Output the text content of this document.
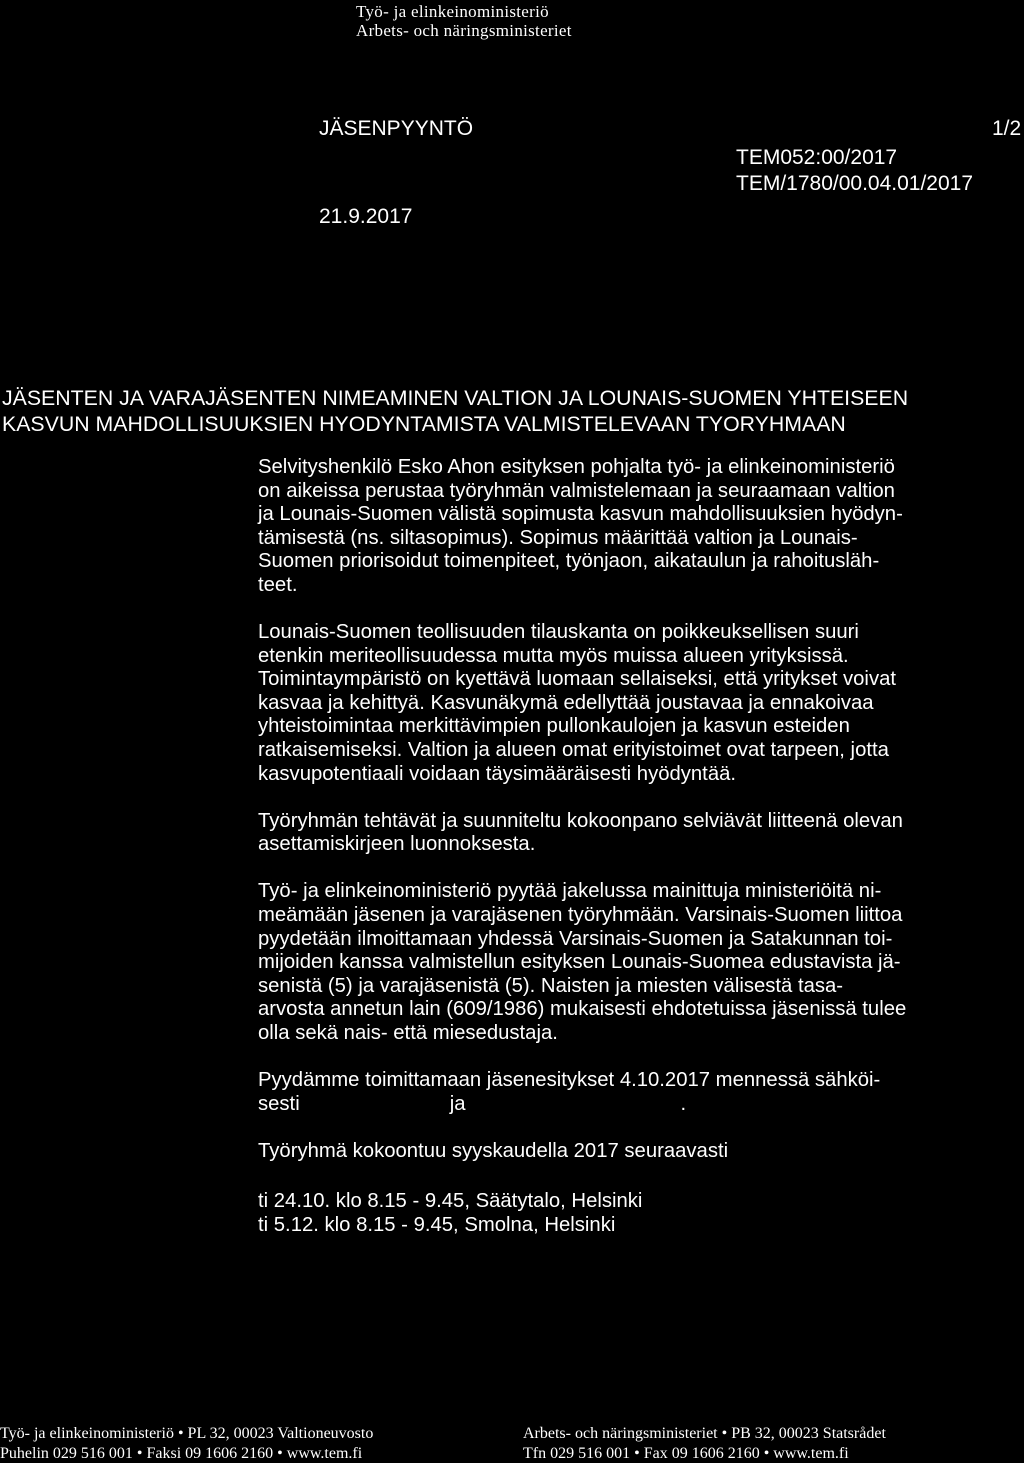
Työ- ja elinkeinoministeriö
Arbets- och näringsministeriet
JÄSENPYYNTÖ	1/2
TEM052:00/2017
TEM/1780/00.04.01/2017
21.9.2017
JÄSENTEN JA VARAJÄSENTEN NIMEAMINEN VALTION JA LOUNAIS-SUOMEN YHTEISEEN
KASVUN MAHDOLLISUUKSIEN HYODYNTAMISTA VALMISTELEVAAN TYORYHMAAN
Selvityshenkilö Esko Ahon esityksen pohjalta työ- ja elinkeinoministeriö
on aikeissa perustaa työryhmän valmistelemaan ja seuraamaan valtion
ja Lounais-Suomen välistä sopimusta kasvun mahdollisuuksien hyödyn-
tämisestä (ns. siltasopimus). Sopimus määrittää valtion ja Lounais-
Suomen priorisoidut toimenpiteet, työnjaon, aikataulun ja rahoitusläh-
teet.
Lounais-Suomen teollisuuden tilauskanta on poikkeuksellisen suuri
etenkin meriteollisuudessa mutta myös muissa alueen yrityksissä.
Toimintaympäristö on kyettävä luomaan sellaiseksi, että yritykset voivat
kasvaa ja kehittyä. Kasvunäkymä edellyttää joustavaa ja ennakoivaa
yhteistoimintaa merkittävimpien pullonkaulojen ja kasvun esteiden
ratkaisemiseksi. Valtion ja alueen omat erityistoimet ovat tarpeen, jotta
kasvupotentiaali voidaan täysimääräisesti hyödyntää.
Työryhmän tehtävät ja suunniteltu kokoonpano selviävät liitteenä olevan
asettamiskirjeen luonnoksesta.
Työ- ja elinkeinoministeriö pyytää jakelussa mainittuja ministeriöitä ni-
meämään jäsenen ja varajäsenen työryhmään. Varsinais-Suomen liittoa
pyydetään ilmoittamaan yhdessä Varsinais-Suomen ja Satakunnan toi-
mijoiden kanssa valmistellun esityksen Lounais-Suomea edustavista jä-
senistä (5) ja varajäsenistä (5). Naisten ja miesten välisestä tasa-
arvosta annetun lain (609/1986) mukaisesti ehdotetuissa jäsenissä tulee
olla sekä nais- että miesedustaja.
Pyydämme toimittamaan jäsenesitykset 4.10.2017 mennessä sähköi-
sesti	ja	.
Työryhmä kokoontuu syyskaudella 2017 seuraavasti
ti 24.10. klo 8.15 - 9.45, Säätytalo, Helsinki
ti 5.12. klo 8.15 - 9.45, Smolna, Helsinki
Työ- ja elinkeinoministeriö • PL 32, 00023 Valtioneuvosto
Puhelin 029 516 001 • Faksi 09 1606 2160 • www.tem.fi
Arbets- och näringsministeriet • PB 32, 00023 Statsrådet
Tfn 029 516 001 • Fax 09 1606 2160 • www.tem.fi
